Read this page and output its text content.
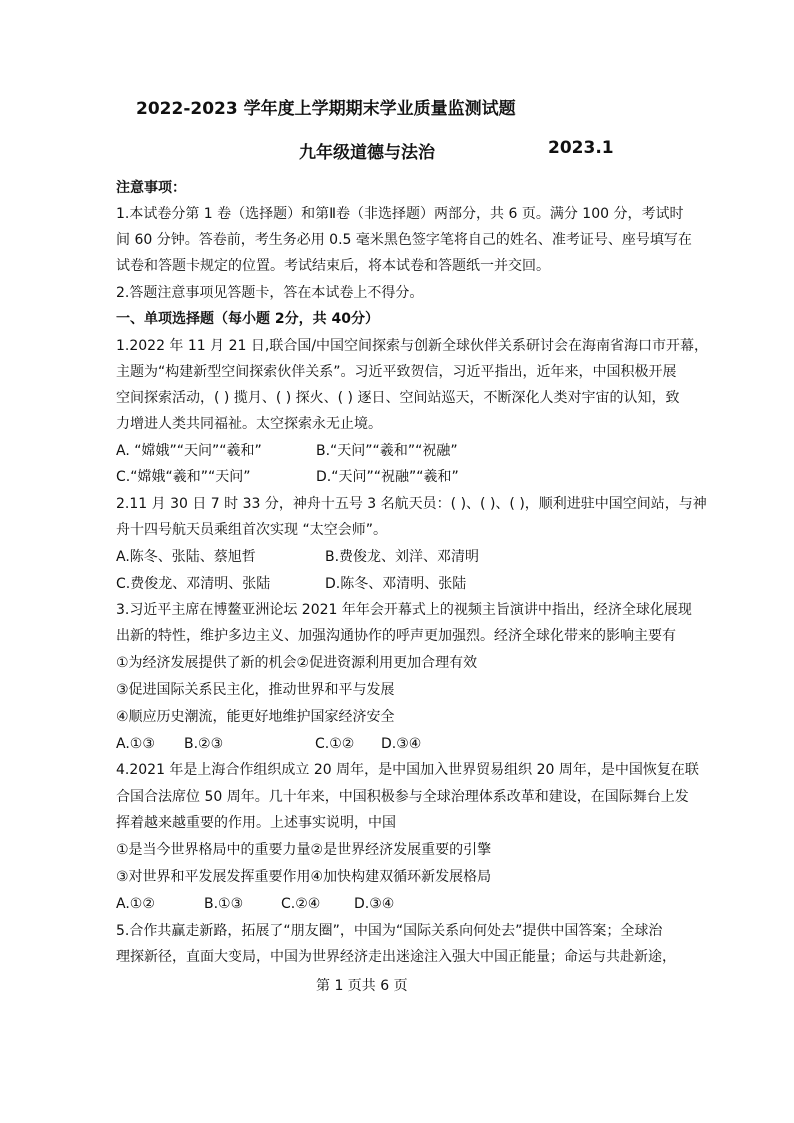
2022-2023 学年度上学期期末学业质量监测试题
九年级道德与法治	2023.1
注意事项：
1.本试卷分第 1 卷（选择题）和第Ⅱ卷（非选择题）两部分，共 6 页。满分 100 分，考试时
间 60 分钟。答卷前，考生务必用 0.5 毫米黑色签字笔将自己的姓名、准考证号、座号填写在
试卷和答题卡规定的位置。考试结束后，将本试卷和答题纸一并交回。
2.答题注意事项见答题卡，答在本试卷上不得分。
一、单项选择题（每小题 2分，共 40分）
1.2022 年 11 月 21 日,联合国/中国空间探索与创新全球伙伴关系研讨会在海南省海口市开幕，
主题为“构建新型空间探索伙伴关系”。习近平致贺信，习近平指出，近年来，中国积极开展
空间探索活动，( ) 揽月、( ) 探火、( ) 逐日、空间站巡天，不断深化人类对宇宙的认知，致
力增进人类共同福祉。太空探索永无止境。
A. “嫦娥”“天问”“羲和”	B.“天问”“羲和”“祝融”
C.“嫦娥“羲和”“天问”	D.“天问”“祝融”“羲和”
2.11 月 30 日 7 时 33 分，神舟十五号 3 名航天员：( )、( )、( )，顺利进驻中国空间站，与神
舟十四号航天员乘组首次实现 “太空会师”。
A.陈冬、张陆、蔡旭哲	B.费俊龙、刘洋、邓清明
C.费俊龙、邓清明、张陆	D.陈冬、邓清明、张陆
3.习近平主席在博鳌亚洲论坛 2021 年年会开幕式上的视频主旨演讲中指出，经济全球化展现
出新的特性，维护多边主义、加强沟通协作的呼声更加强烈。经济全球化带来的影响主要有
①为经济发展提供了新的机会②促进资源利用更加合理有效
③促进国际关系民主化，推动世界和平与发展
④顺应历史潮流，能更好地维护国家经济安全
A.①③ B.②③	C.①② D.③④
4.2021 年是上海合作组织成立 20 周年，是中国加入世界贸易组织 20 周年，是中国恢复在联
合国合法席位 50 周年。几十年来，中国积极参与全球治理体系改革和建设，在国际舞台上发
挥着越来越重要的作用。上述事实说明，中国
①是当今世界格局中的重要力量②是世界经济发展重要的引擎
③对世界和平发展发挥重要作用④加快构建双循环新发展格局
A.①②	B.①③	C.②④ D.③④
5.合作共赢走新路，拓展了“朋友圈”，中国为“国际关系向何处去”提供中国答案；全球治
理探新径，直面大变局，中国为世界经济走出迷途注入强大中国正能量；命运与共赴新途，
第 1 页共 6 页
